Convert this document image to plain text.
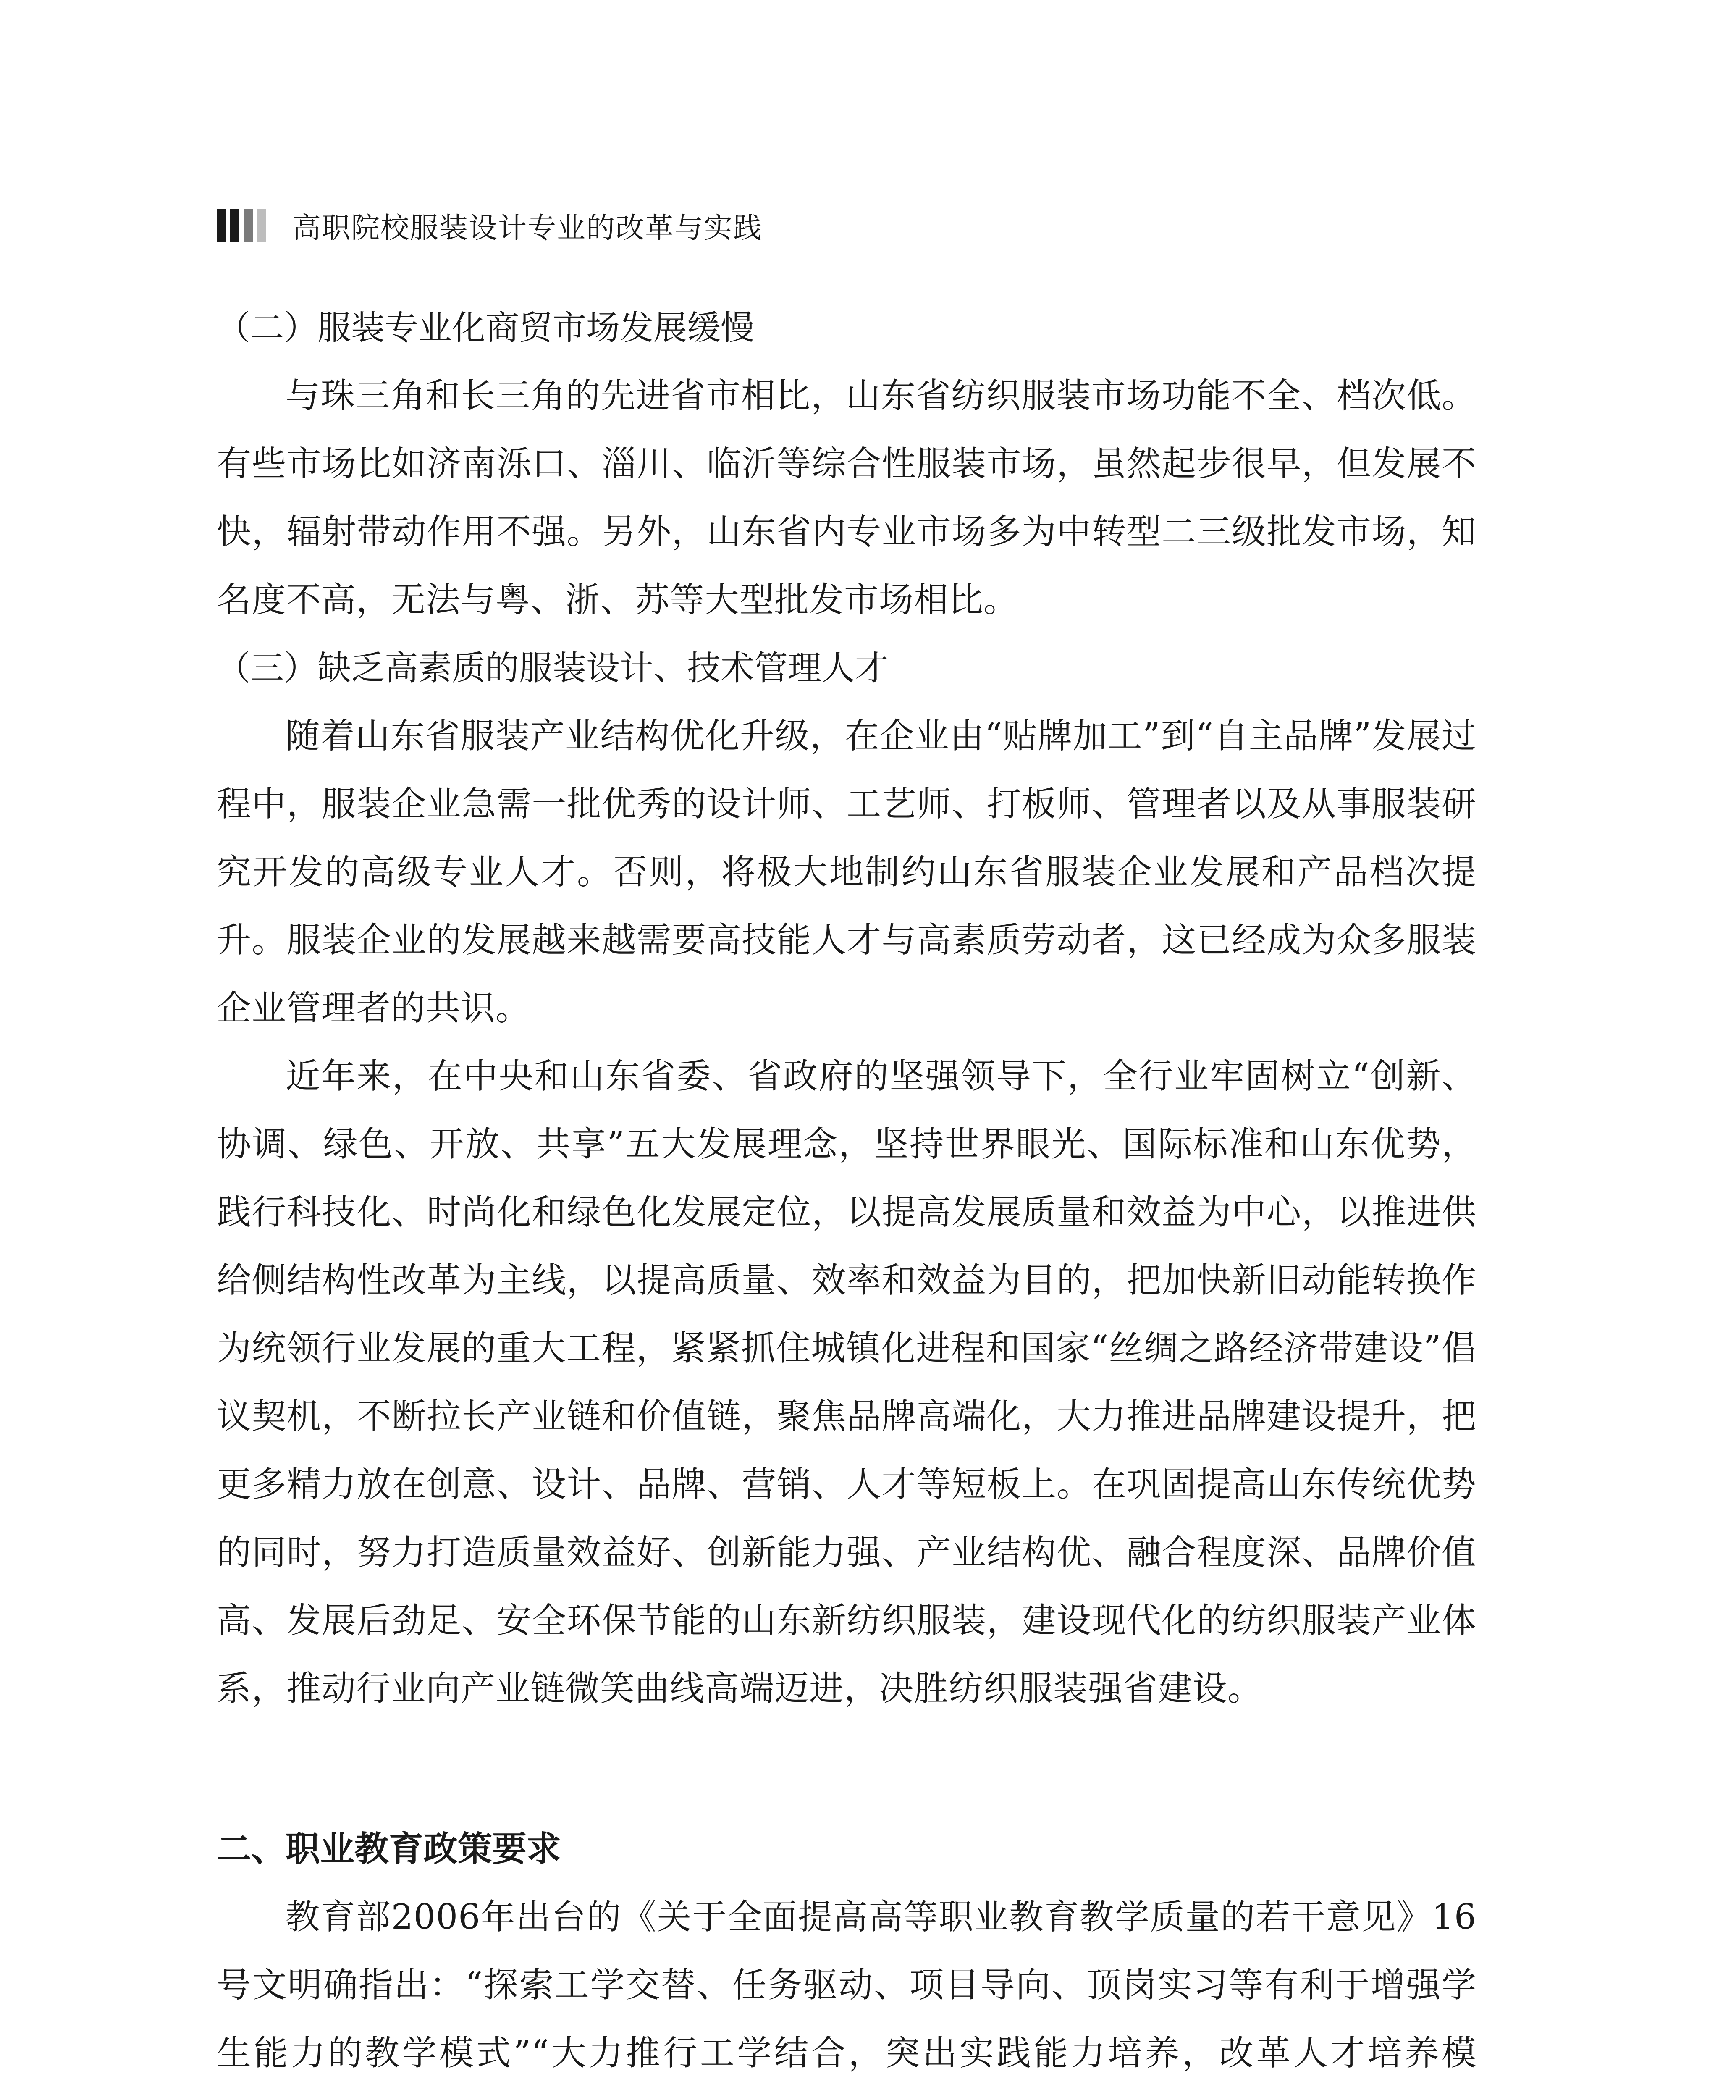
高职院校服装设计专业的改革与实践
（二）服装专业化商贸市场发展缓慢

与珠三角和长三角的先进省市相比，山东省纺织服装市场功能不全、档次低。有些市场比如济南泺口、淄川、临沂等综合性服装市场，虽然起步很早，但发展不快，辐射带动作用不强。另外，山东省内专业市场多为中转型二三级批发市场，知名度不高，无法与粤、浙、苏等大型批发市场相比。

（三）缺乏高素质的服装设计、技术管理人才

随着山东省服装产业结构优化升级，在企业由“贴牌加工”到“自主品牌”发展过程中，服装企业急需一批优秀的设计师、工艺师、打板师、管理者以及从事服装研究开发的高级专业人才。否则，将极大地制约山东省服装企业发展和产品档次提升。服装企业的发展越来越需要高技能人才与高素质劳动者，这已经成为众多服装企业管理者的共识。

近年来，在中央和山东省委、省政府的坚强领导下，全行业牢固树立“创新、协调、绿色、开放、共享”五大发展理念，坚持世界眼光、国际标准和山东优势，践行科技化、时尚化和绿色化发展定位，以提高发展质量和效益为中心，以推进供给侧结构性改革为主线，以提高质量、效率和效益为目的，把加快新旧动能转换作为统领行业发展的重大工程，紧紧抓住城镇化进程和国家“丝绸之路经济带建设”倡议契机，不断拉长产业链和价值链，聚焦品牌高端化，大力推进品牌建设提升，把更多精力放在创意、设计、品牌、营销、人才等短板上。在巩固提高山东传统优势的同时，努力打造质量效益好、创新能力强、产业结构优、融合程度深、品牌价值高、发展后劲足、安全环保节能的山东新纺织服装，建设现代化的纺织服装产业体系，推动行业向产业链微笑曲线高端迈进，决胜纺织服装强省建设。

二、职业教育政策要求

教育部2006年出台的《关于全面提高高等职业教育教学质量的若干意见》16号文明确指出：“探索工学交替、任务驱动、项目导向、顶岗实习等有利于增强学生能力的教学模式”“大力推行工学结合，突出实践能力培养，改革人才培养模
